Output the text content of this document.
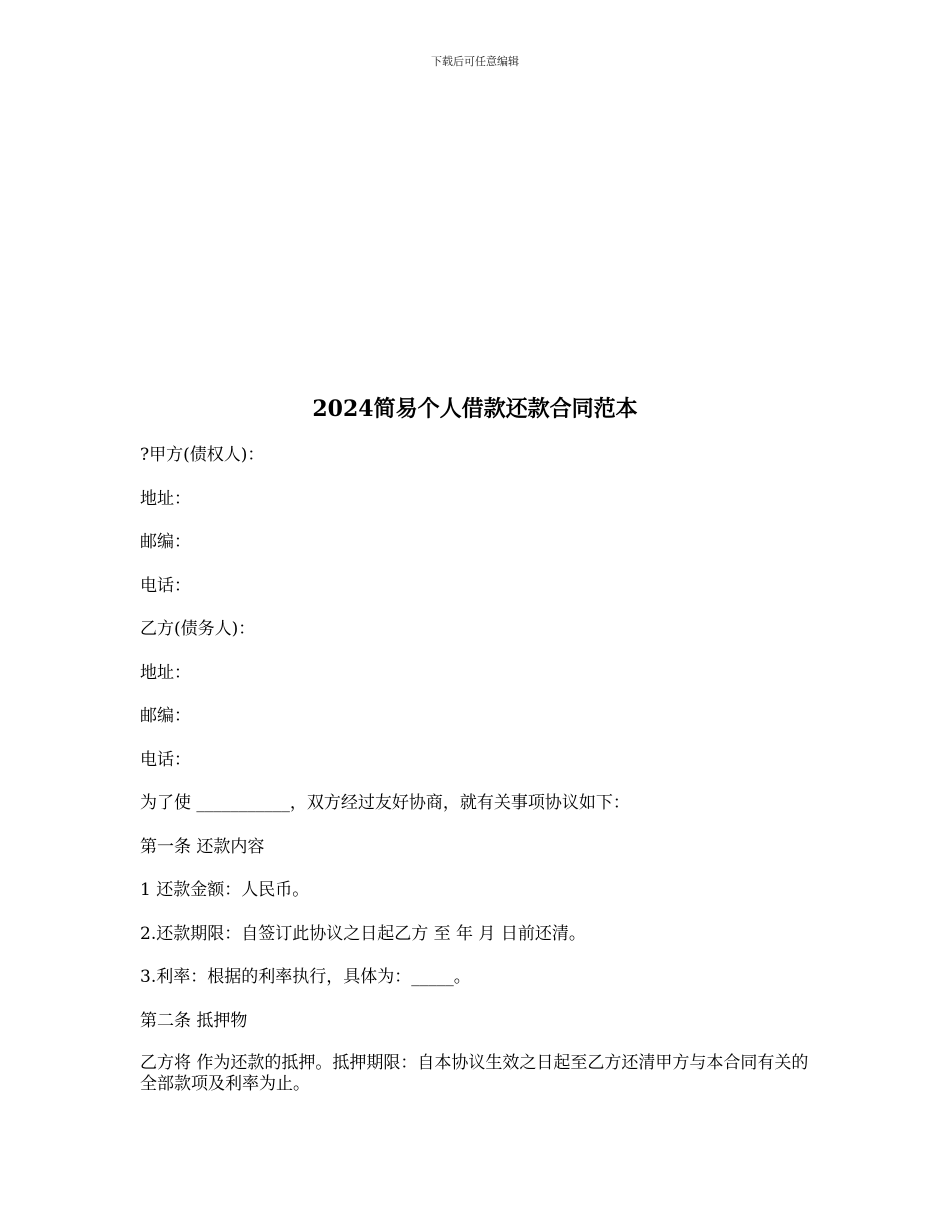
下载后可任意编辑
2024简易个人借款还款合同范本

?甲方(债权人)：

地址：

邮编：

电话：

乙方(债务人)：

地址：

邮编：

电话：

为了使 ___________，双方经过友好协商，就有关事项协议如下：

第一条 还款内容

1 还款金额：人民币。

2.还款期限：自签订此协议之日起乙方 至 年 月 日前还清。

3.利率：根据的利率执行，具体为：_____。

第二条 抵押物

乙方将 作为还款的抵押。抵押期限：自本协议生效之日起至乙方还清甲方与本合同有关的全部款项及利率为止。
